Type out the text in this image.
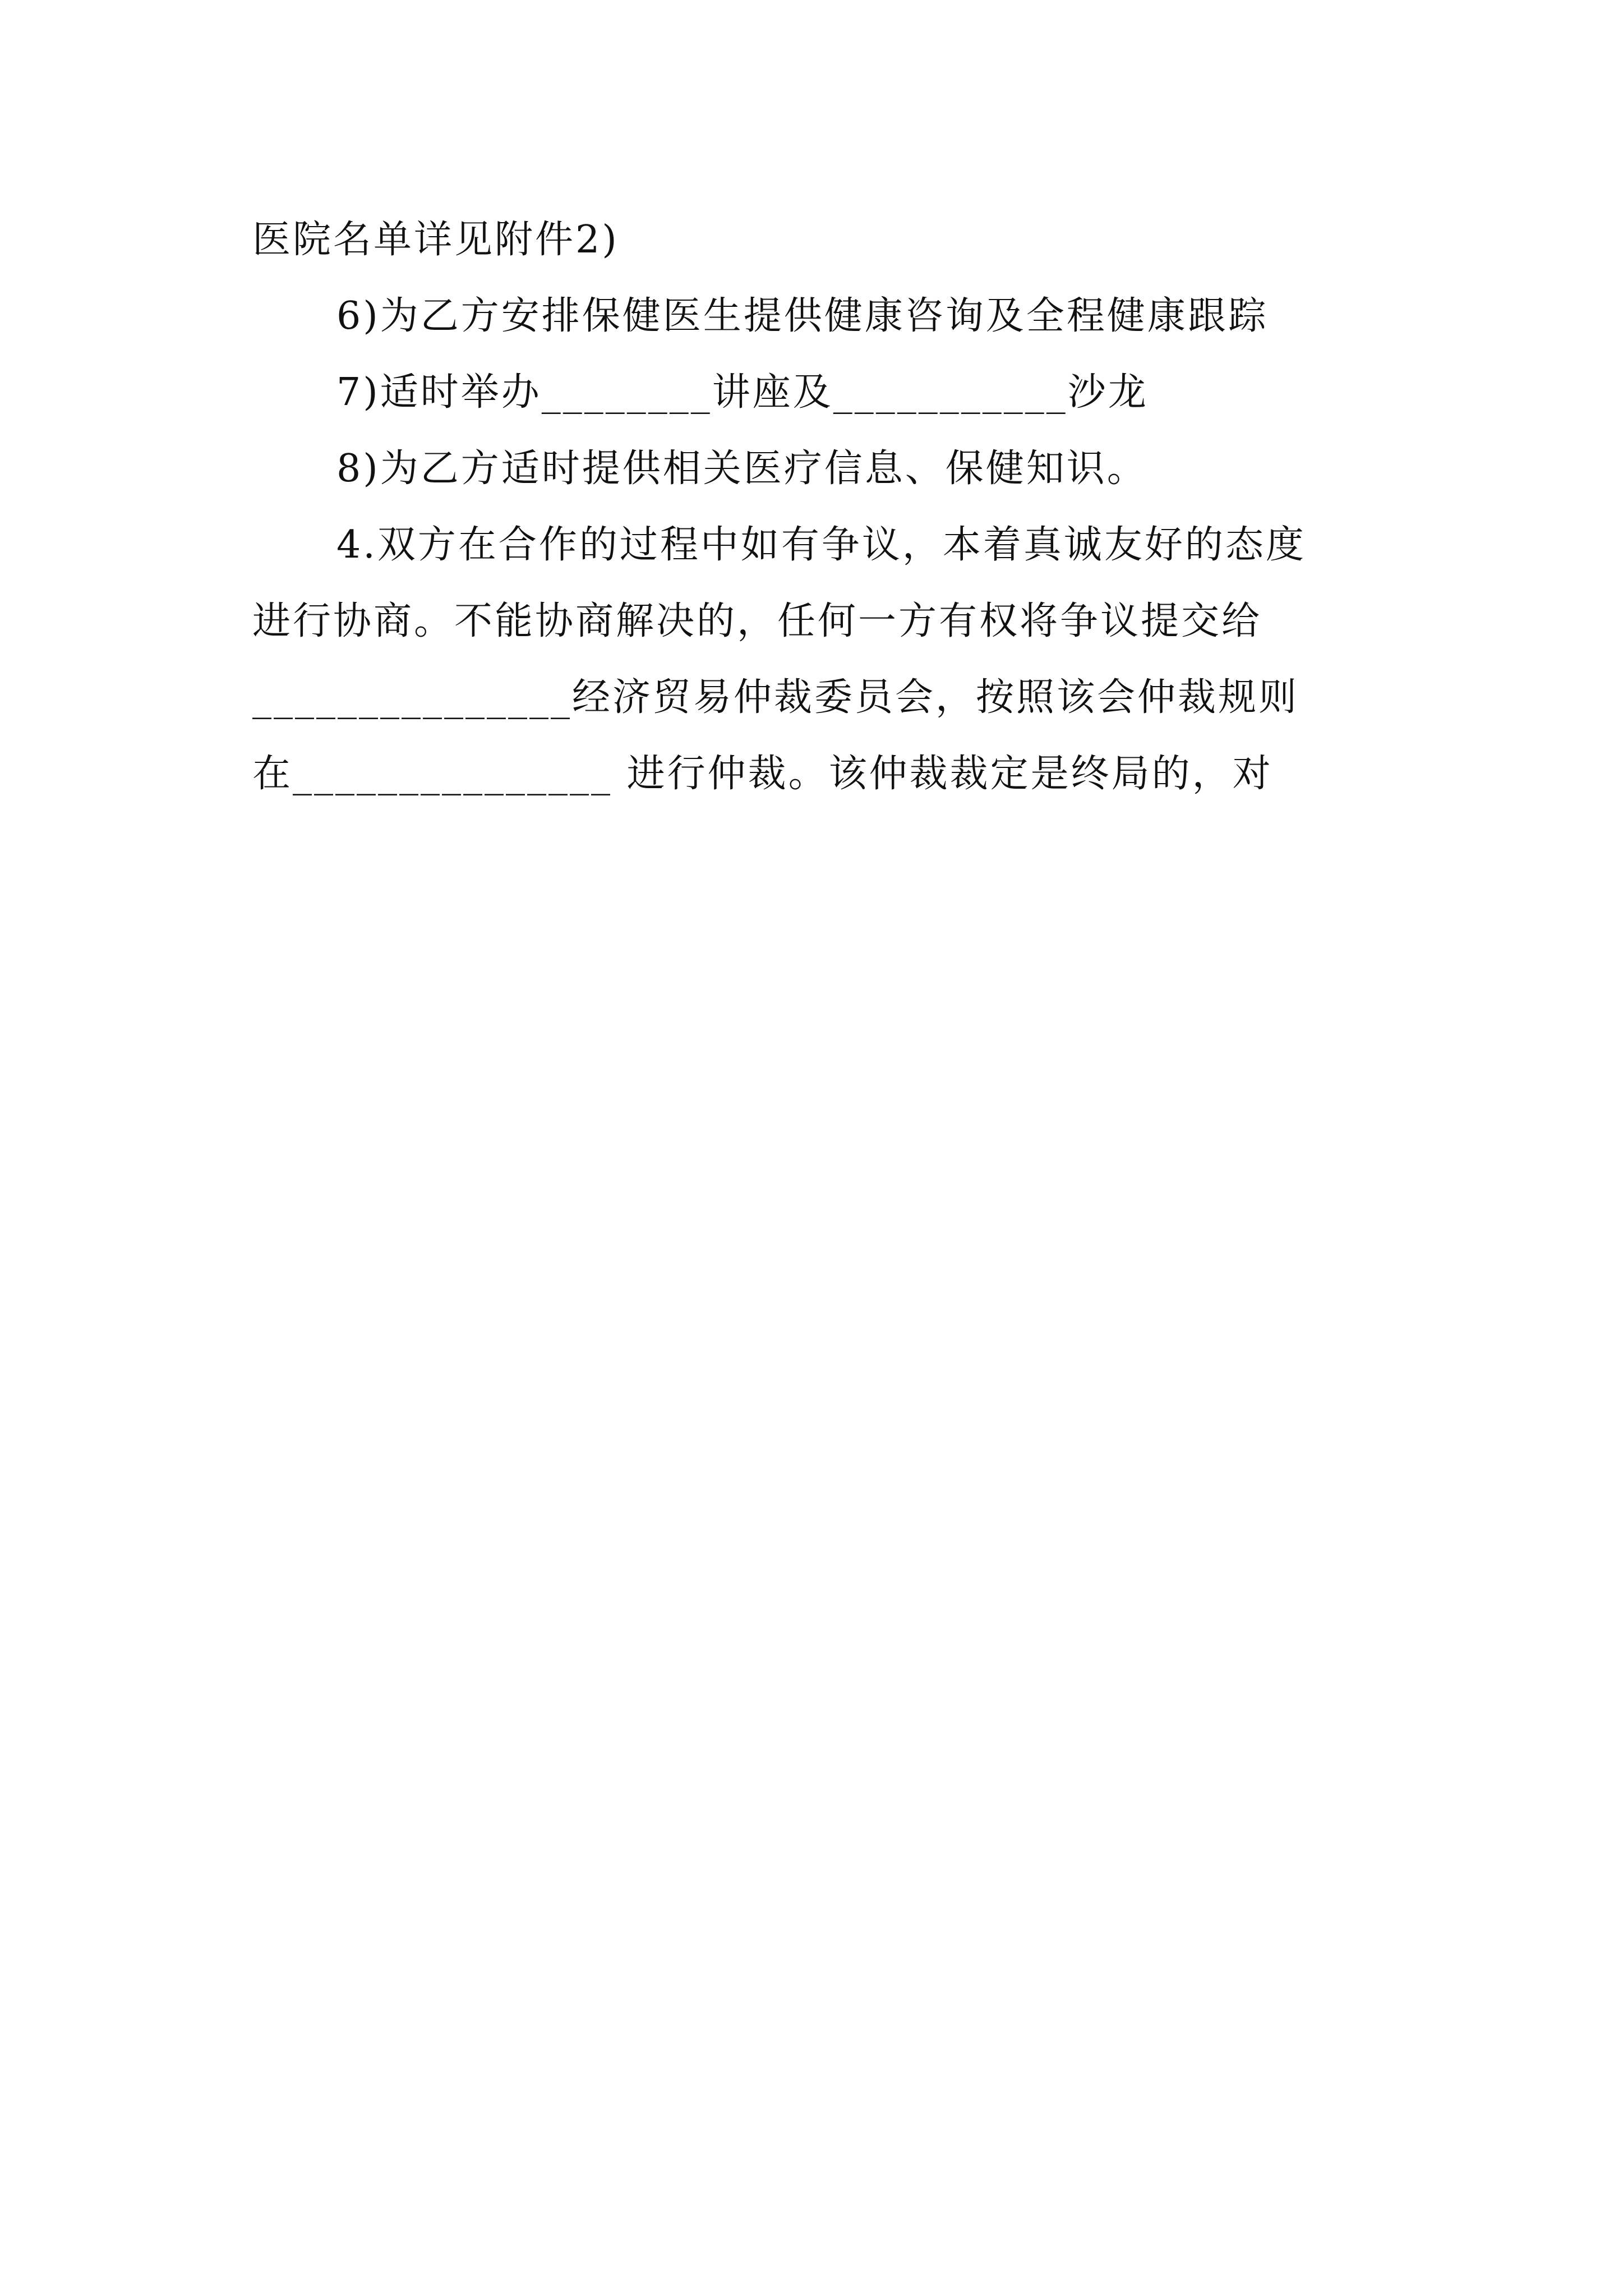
医院名单详见附件2)
6)为乙方安排保健医生提供健康咨询及全程健康跟踪
7)适时举办________讲座及___________沙龙
8)为乙方适时提供相关医疗信息、保健知识。
4.双方在合作的过程中如有争议，本着真诚友好的态度
进行协商。不能协商解决的，任何一方有权将争议提交给
_______________经济贸易仲裁委员会，按照该会仲裁规则
在_______________ 进行仲裁。该仲裁裁定是终局的，对
